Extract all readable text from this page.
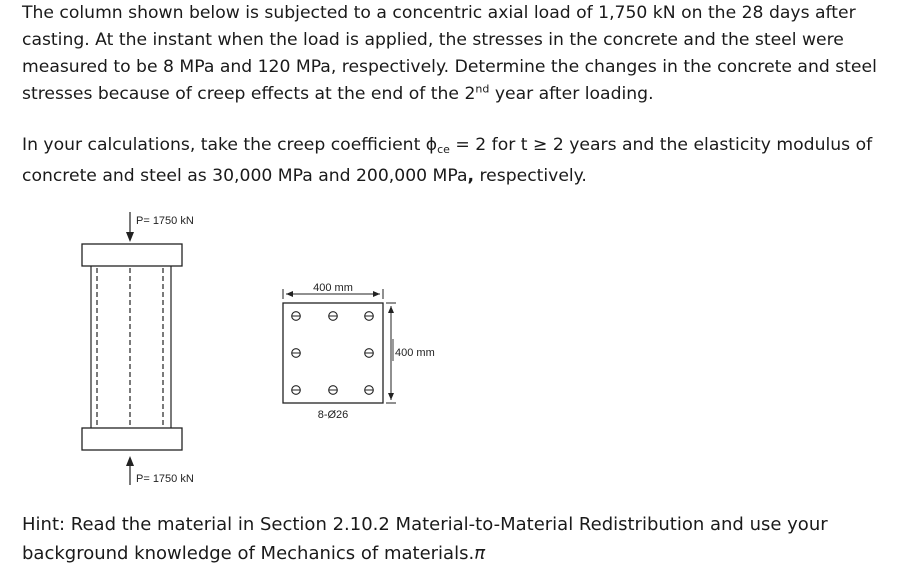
The column shown below is subjected to a concentric axial load of 1,750 kN on the 28 days after casting. At the instant when the load is applied, the stresses in the concrete and the steel were measured to be 8 MPa and 120 MPa, respectively. Determine the changes in the concrete and steel stresses because of creep effects at the end of the 2nd year after loading.

In your calculations, take the creep coefficient $\phi_{ce} = 2$ for t ≥ 2 years and the elasticity modulus of concrete and steel as 30,000 MPa and 200,000 MPa, respectively.

P= 1750 kN
P= 1750 kN
400 mm
400 mm
8-Ø26

Hint: Read the material in Section 2.10.2 Material-to-Material Redistribution and use your background knowledge of Mechanics of materials.π
